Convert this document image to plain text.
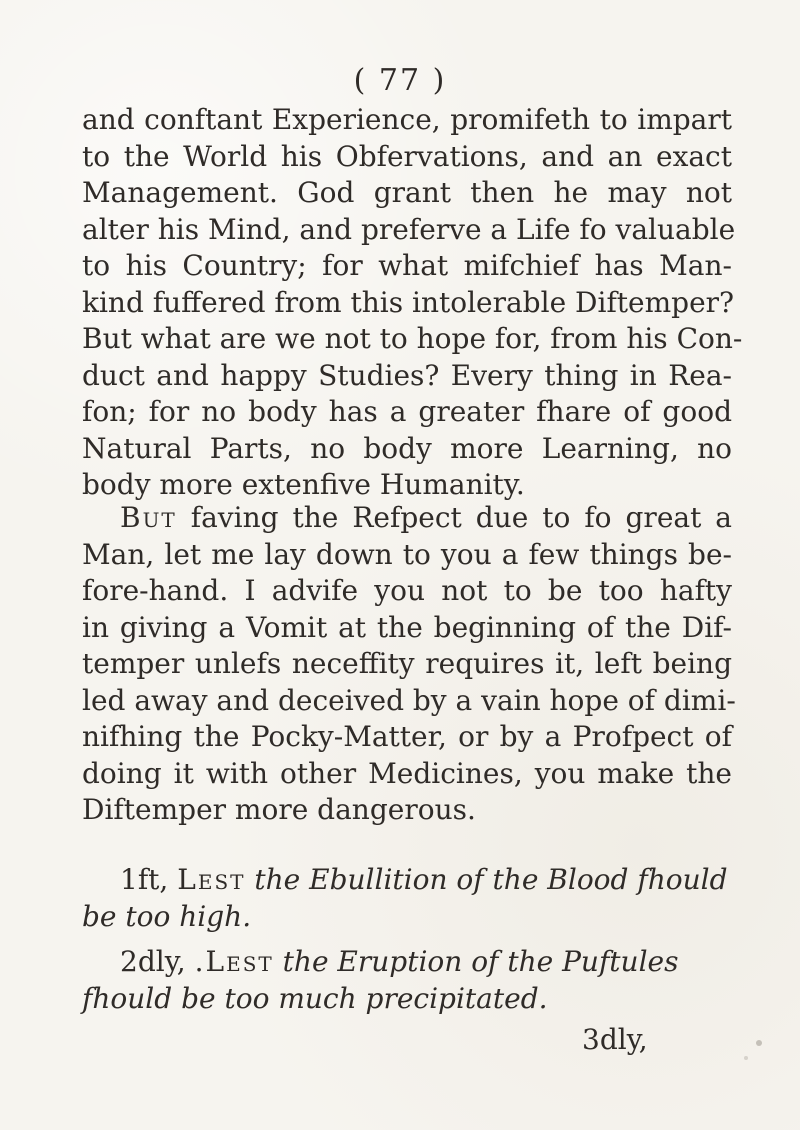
( 77 )
and conftant Experience, promifeth to impart
to the World his Obfervations, and an exact
Management. God grant then he may not
alter his Mind, and preferve a Life fo valuable
to his Country; for what mifchief has Man-
kind fuffered from this intolerable Diftemper?
But what are we not to hope for, from his Con-
duct and happy Studies? Every thing in Rea-
fon; for no body has a greater fhare of good
Natural Parts, no body more Learning, no
body more extenfive Humanity.
But faving the Refpect due to fo great a
Man, let me lay down to you a few things be-
fore-hand. I advife you not to be too hafty
in giving a Vomit at the beginning of the Dif-
temper unlefs neceffity requires it, left being
led away and deceived by a vain hope of dimi-
nifhing the Pocky-Matter, or by a Profpect of
doing it with other Medicines, you make the
Diftemper more dangerous.
1ft, Lest the Ebullition of the Blood fhould
be too high.
2dly, .Lest the Eruption of the Puftules
fhould be too much precipitated.
3dly,
